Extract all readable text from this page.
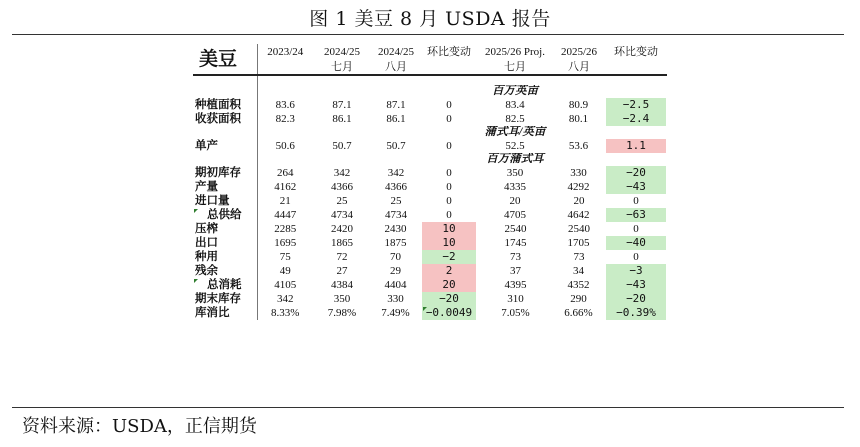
图 1 美豆 8 月 USDA 报告
美豆	2023/24	2024/25	2024/25	环比变动	2025/26 Proj.	2025/26	环比变动
		七月	八月		七月	八月	

					百万英亩		
种植面积	83.6	87.1	87.1	0	83.4	80.9	−2.5
收获面积	82.3	86.1	86.1	0	82.5	80.1	−2.4
					蒲式耳/英亩		
单产	50.6	50.7	50.7	0	52.5	53.6	1.1
					百万蒲式耳		
期初库存	264	342	342	0	350	330	−20
产量	4162	4366	4366	0	4335	4292	−43
进口量	21	25	25	0	20	20	0
总供给	4447	4734	4734	0	4705	4642	−63
压榨	2285	2420	2430	10	2540	2540	0
出口	1695	1865	1875	10	1745	1705	−40
种用	75	72	70	−2	73	73	0
残余	49	27	29	2	37	34	−3
总消耗	4105	4384	4404	20	4395	4352	−43
期末库存	342	350	330	−20	310	290	−20
库消比	8.33%	7.98%	7.49%	−0.0049	7.05%	6.66%	−0.39%
资料来源：USDA，正信期货
